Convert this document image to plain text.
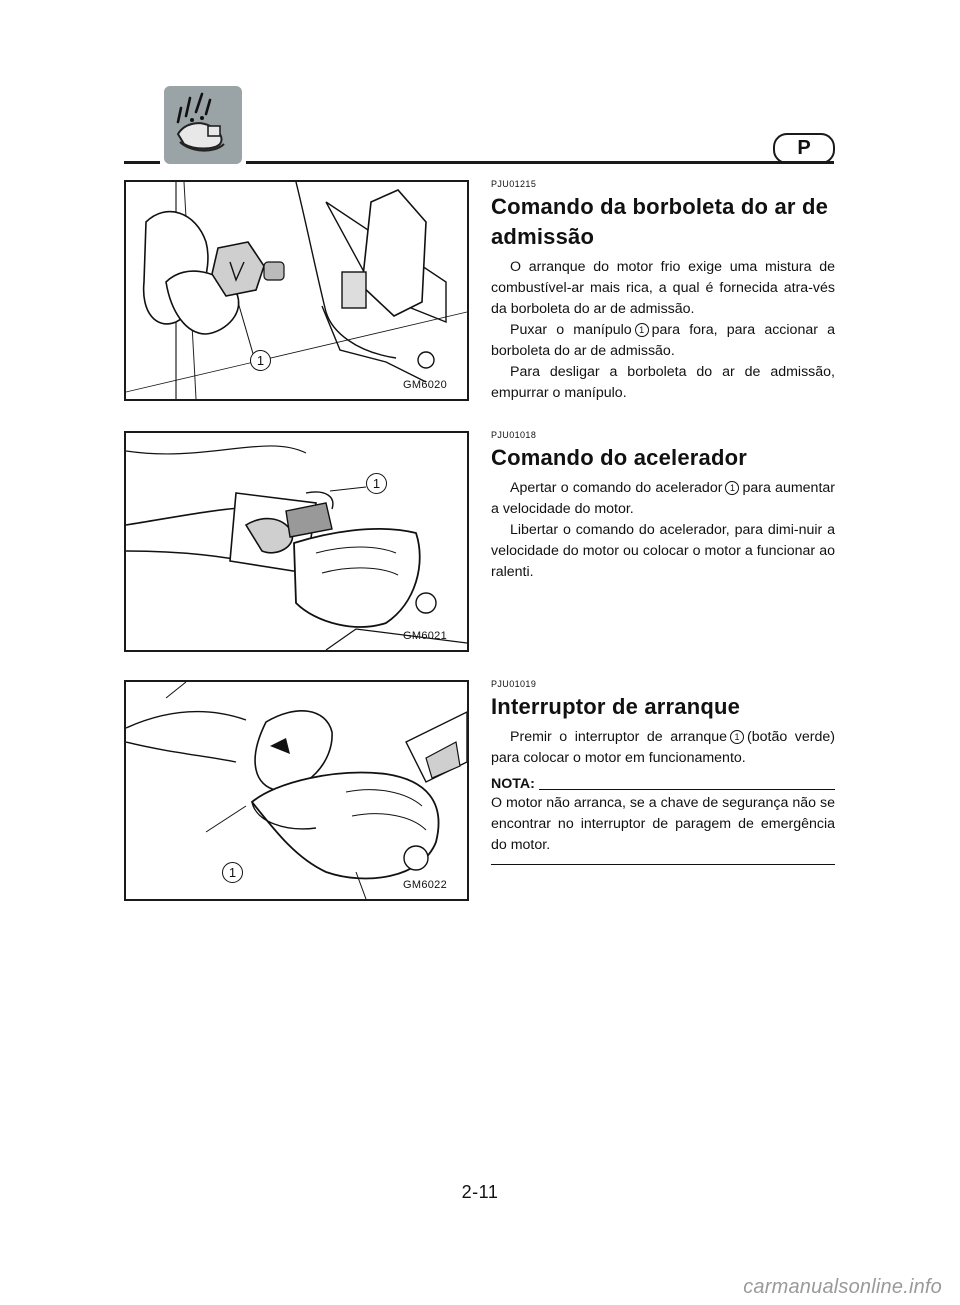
P
1
GM6020
1
GM6021
1
GM6022
PJU01215
Comando da borboleta do ar de
admissão

O arranque do motor frio exige uma mistura de combustível-ar mais rica, a qual é fornecida atra-vés da borboleta do ar de admissão.

Puxar o manípulo 1 para fora, para accionar a borboleta do ar de admissão.

Para desligar a borboleta do ar de admissão, empurrar o manípulo.

PJU01018
Comando do acelerador

Apertar o comando do acelerador 1 para aumentar a velocidade do motor.

Libertar o comando do acelerador, para dimi-nuir a velocidade do motor ou colocar o motor a funcionar ao ralenti.

PJU01019
Interruptor de arranque

Premir o interruptor de arranque 1 (botão verde) para colocar o motor em funcionamento.

NOTA:

O motor não arranca, se a chave de segurança não se encontrar no interruptor de paragem de emergência do motor.

2-11
carmanualsonline.info
